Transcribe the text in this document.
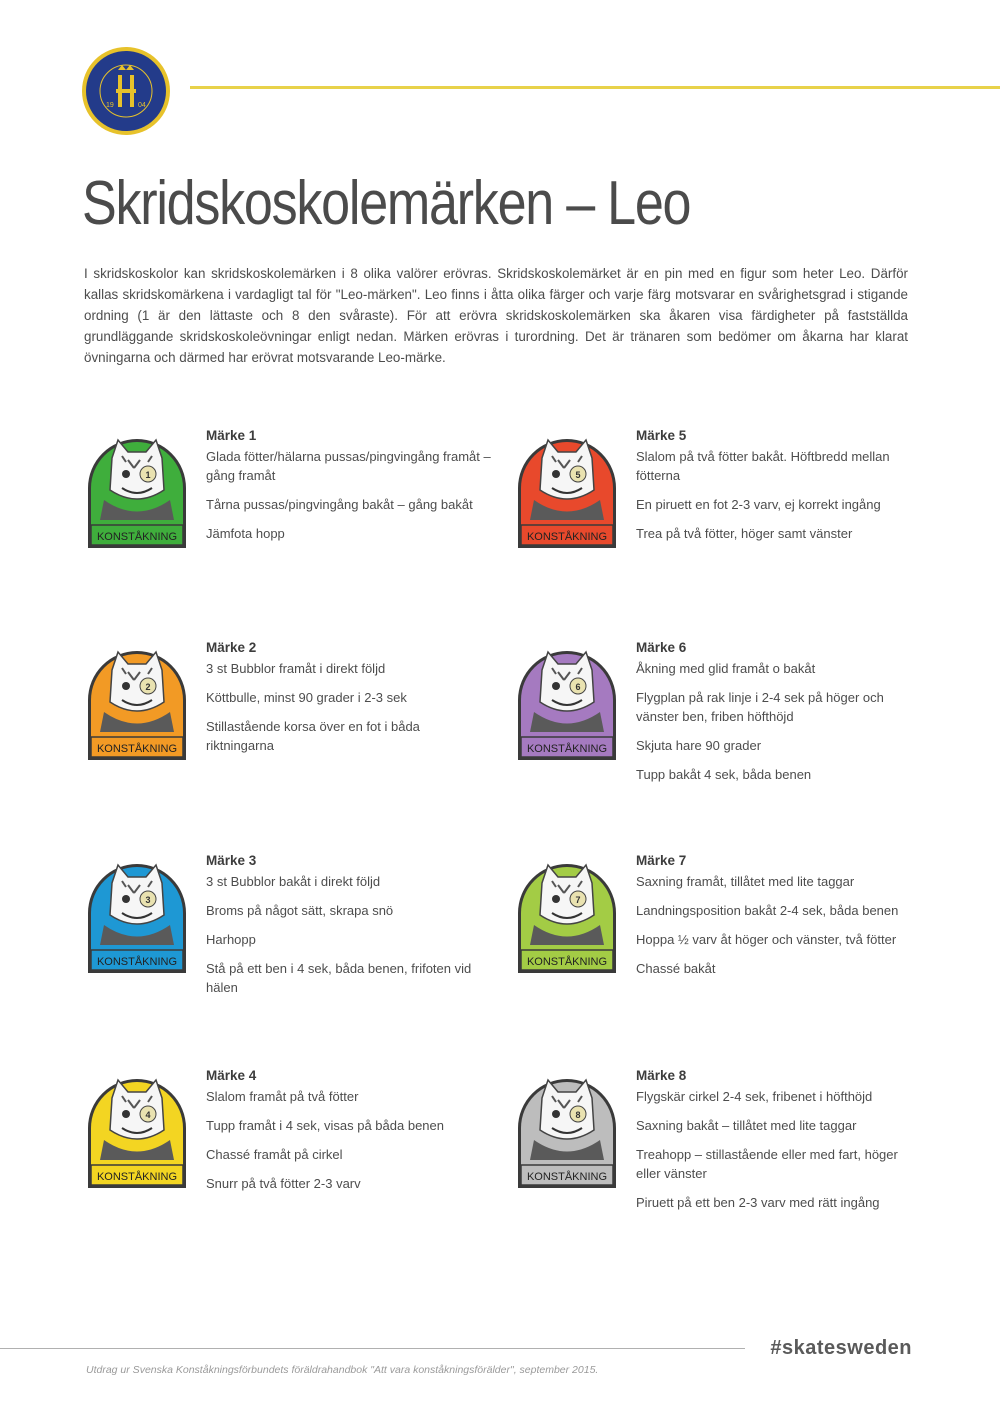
19	04
Skridskoskolemärken – Leo

I skridskoskolor kan skridskoskolemärken i 8 olika valörer erövras. Skridskoskolemärket är en pin med en figur som heter Leo. Därför kallas skridskomärkena i vardagligt tal för "Leo-märken". Leo finns i åtta olika färger och varje färg motsvarar en svårighetsgrad i stigande ordning (1 är den lättaste och 8 den svåraste). För att erövra skridskoskolemärken ska åkaren visa färdigheter på fastställda grundläggande skridskoskoleövningar enligt nedan. Märken erövras i turordning. Det är tränaren som bedömer om åkarna har klarat övningarna och därmed har erövrat motsvarande Leo-märke.

1
KONSTÅKNING

Märke 1

Glada fötter/hälarna pussas/pingvingång framåt – gång framåt

Tårna pussas/pingvingång bakåt – gång bakåt

Jämfota hopp

2
KONSTÅKNING

Märke 2

3 st Bubblor framåt i direkt följd

Köttbulle, minst 90 grader i 2-3 sek

Stillastående korsa över en fot i båda riktningarna

3
KONSTÅKNING

Märke 3

3 st Bubblor bakåt i direkt följd

Broms på något sätt, skrapa snö

Harhopp

Stå på ett ben i 4 sek, båda benen, frifoten vid hälen

4
KONSTÅKNING

Märke 4

Slalom framåt på två fötter

Tupp framåt i 4 sek, visas på båda benen

Chassé framåt på cirkel

Snurr på två fötter 2-3 varv

5
KONSTÅKNING

Märke 5

Slalom på två fötter bakåt. Höftbredd mellan fötterna

En piruett en fot 2-3 varv, ej korrekt ingång

Trea på två fötter, höger samt vänster

6
KONSTÅKNING

Märke 6

Åkning med glid framåt o bakåt

Flygplan på rak linje i 2-4 sek på höger och vänster ben, friben höfthöjd

Skjuta hare 90 grader

Tupp bakåt 4 sek, båda benen

7
KONSTÅKNING

Märke 7

Saxning framåt, tillåtet med lite taggar

Landningsposition bakåt 2-4 sek, båda benen

Hoppa ½ varv åt höger och vänster, två fötter

Chassé bakåt

8
KONSTÅKNING

Märke 8

Flygskär cirkel 2-4 sek, fribenet i höfthöjd

Saxning bakåt – tillåtet med lite taggar

Treahopp – stillastående eller med fart, höger eller vänster

Piruett på ett ben 2-3 varv med rätt ingång

#skatesweden
Utdrag ur Svenska Konståkningsförbundets föräldrahandbok "Att vara konståkningsförälder", september 2015.
